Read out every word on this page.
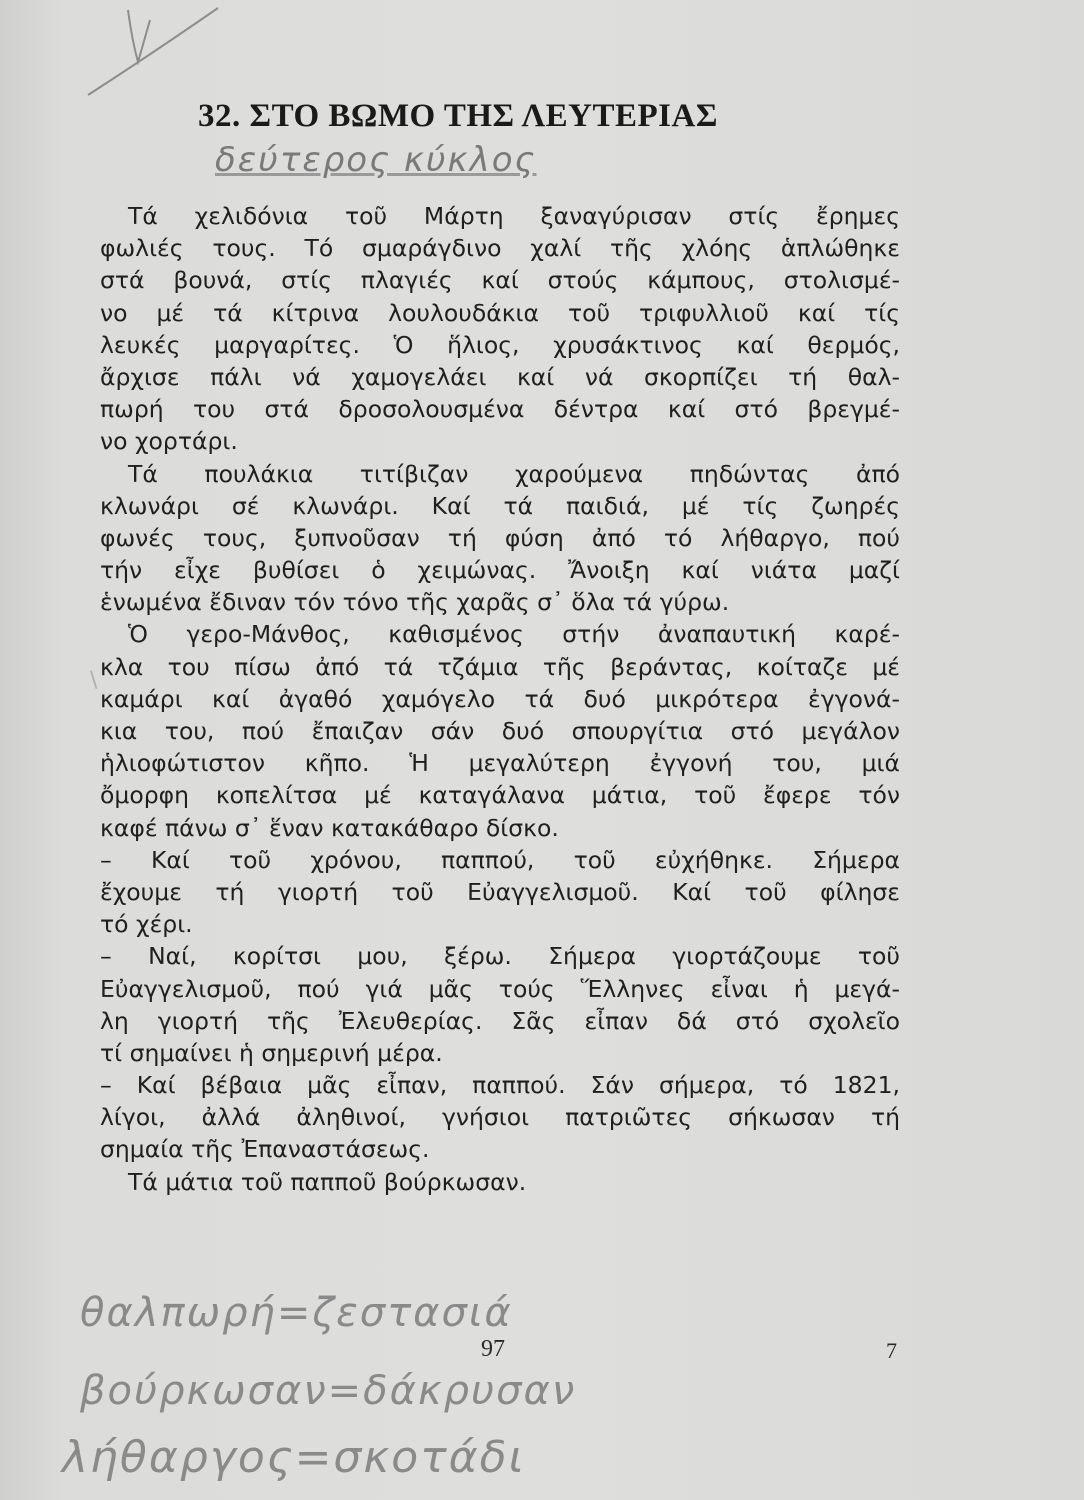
32. ΣΤΟ ΒΩΜΟ ΤΗΣ ΛΕΥΤΕΡΙΑΣ
δεύτερος κύκλος
Τά χελιδόνια τοῦ Μάρτη ξαναγύρισαν στίς ἔρημες
φωλιές τους. Τό σμαράγδινο χαλί τῆς χλόης ἁπλώθηκε
στά βουνά, στίς πλαγιές καί στούς κάμπους, στολισμέ-
νο μέ τά κίτρινα λουλουδάκια τοῦ τριφυλλιοῦ καί τίς
λευκές μαργαρίτες. Ὁ ἥλιος, χρυσάκτινος καί θερμός,
ἄρχισε πάλι νά χαμογελάει καί νά σκορπίζει τή θαλ-
πωρή του στά δροσολουσμένα δέντρα καί στό βρεγμέ-
νο χορτάρι.
Τά πουλάκια τιτίβιζαν χαρούμενα πηδώντας ἀπό
κλωνάρι σέ κλωνάρι. Καί τά παιδιά, μέ τίς ζωηρές
φωνές τους, ξυπνοῦσαν τή φύση ἀπό τό λήθαργο, πού
τήν εἶχε βυθίσει ὁ χειμώνας. Ἄνοιξη καί νιάτα μαζί
ἑνωμένα ἔδιναν τόν τόνο τῆς χαρᾶς σ᾽ ὅλα τά γύρω.
Ὁ γερο-Μάνθος, καθισμένος στήν ἀναπαυτική καρέ-
κλα του πίσω ἀπό τά τζάμια τῆς βεράντας, κοίταζε μέ
καμάρι καί ἀγαθό χαμόγελο τά δυό μικρότερα ἐγγονά-
κια του, πού ἔπαιζαν σάν δυό σπουργίτια στό μεγάλον
ἡλιοφώτιστον κῆπο. Ἡ μεγαλύτερη ἐγγονή του, μιά
ὄμορφη κοπελίτσα μέ καταγάλανα μάτια, τοῦ ἔφερε τόν
καφέ πάνω σ᾽ ἕναν κατακάθαρο δίσκο.
– Καί τοῦ χρόνου, παππού, τοῦ εὐχήθηκε. Σήμερα
ἔχουμε τή γιορτή τοῦ Εὐαγγελισμοῦ. Καί τοῦ φίλησε
τό χέρι.
– Ναί, κορίτσι μου, ξέρω. Σήμερα γιορτάζουμε τοῦ
Εὐαγγελισμοῦ, πού γιά μᾶς τούς Ἕλληνες εἶναι ἡ μεγά-
λη γιορτή τῆς Ἐλευθερίας. Σᾶς εἶπαν δά στό σχολεῖο
τί σημαίνει ἡ σημερινή μέρα.
– Καί βέβαια μᾶς εἶπαν, παππού. Σάν σήμερα, τό 1821,
λίγοι, ἀλλά ἀληθινοί, γνήσιοι πατριῶτες σήκωσαν τή
σημαία τῆς Ἐπαναστάσεως.
Τά μάτια τοῦ παπποῦ βούρκωσαν.
\
97	7
θαλπωρή=ζεστασιά
βούρκωσαν=δάκρυσαν
λήθαργος=σκοτάδι
